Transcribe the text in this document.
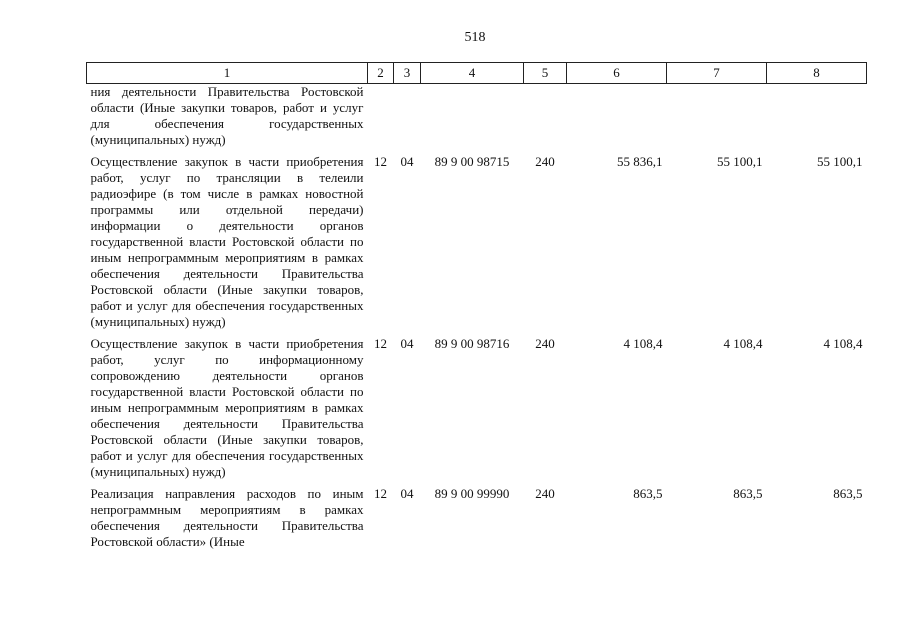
518
1	2	3	4	5	6	7	8
ния деятельности Правительства Ростовской области (Иные закупки товаров, работ и услуг для обеспечения государственных (муниципальных) нужд)							
Осуществление закупок в части приобретения работ, услуг по трансляции в телеили радиоэфире (в том числе в рамках новостной программы или отдельной передачи) информации о деятельности органов государственной власти Ростовской области по иным непрограммным мероприятиям в рамках обеспечения деятельности Правительства Ростовской области (Иные закупки товаров, работ и услуг для обеспечения государственных (муниципальных) нужд)	12	04	89 9 00 98715	240	55 836,1	55 100,1	55 100,1
Осуществление закупок в части приобретения работ, услуг по информационному сопровождению деятельности органов государственной власти Ростовской области по иным непрограммным мероприятиям в рамках обеспечения деятельности Правительства Ростовской области (Иные закупки товаров, работ и услуг для обеспечения государственных (муниципальных) нужд)	12	04	89 9 00 98716	240	4 108,4	4 108,4	4 108,4
Реализация направления расходов по иным непрограммным мероприятиям в рамках обеспечения деятельности Правительства Ростовской области» (Иные	12	04	89 9 00 99990	240	863,5	863,5	863,5
